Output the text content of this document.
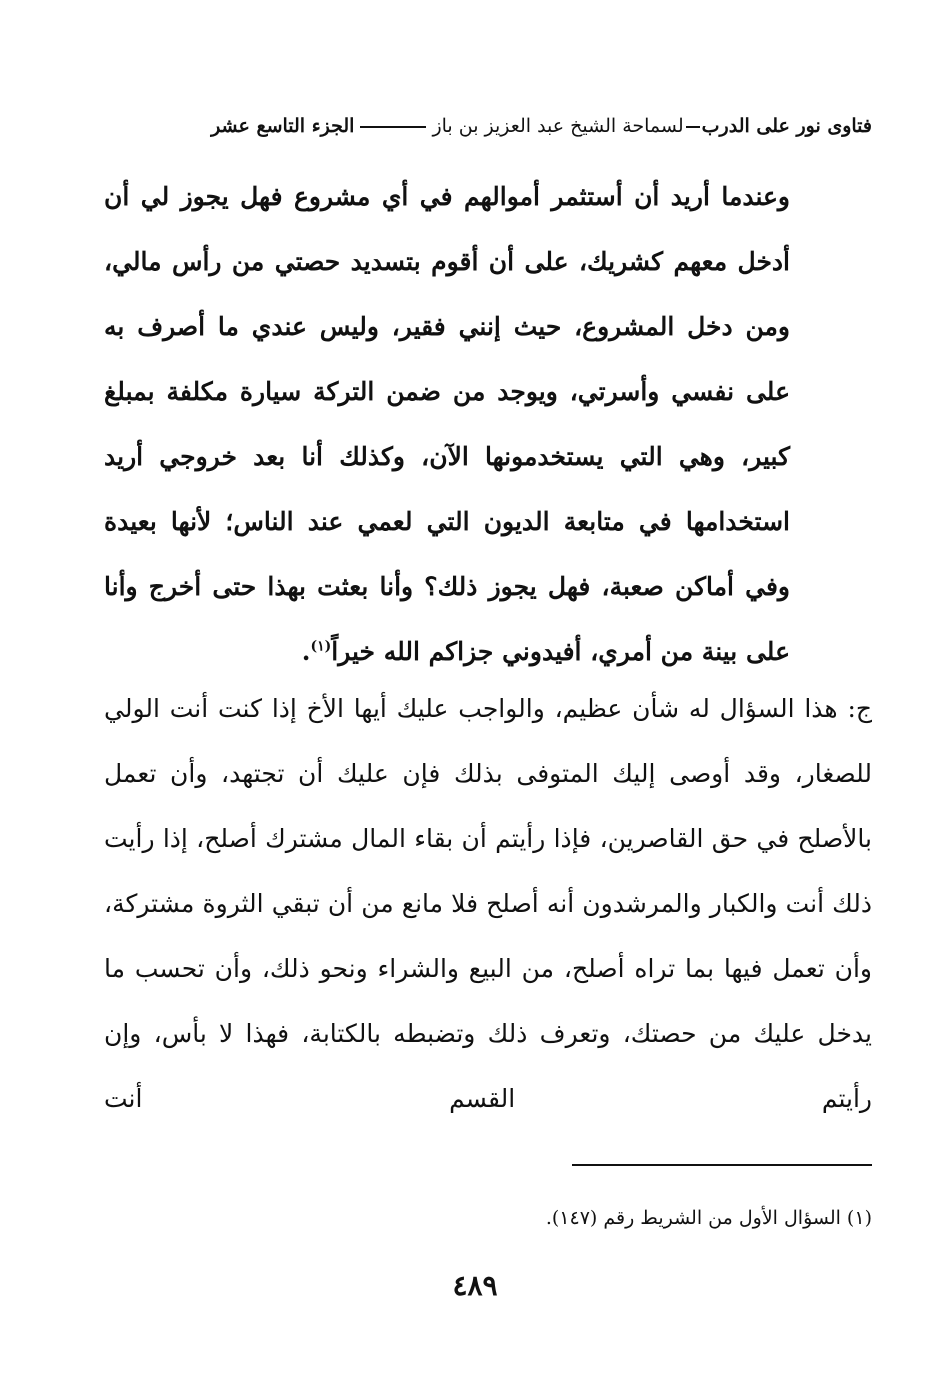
فتاوى نور على الدربلسماحة الشيخ عبد العزيز بن بازالجزء التاسع عشر
وعندما أريد أن أستثمر أموالهم في أي مشروع فهل يجوز لي أن أدخل معهم كشريك، على أن أقوم بتسديد حصتي من رأس مالي، ومن دخل المشروع، حيث إنني فقير، وليس عندي ما أصرف به على نفسي وأسرتي، ويوجد من ضمن التركة سيارة مكلفة بمبلغ كبير، وهي التي يستخدمونها الآن، وكذلك أنا بعد خروجي أريد استخدامها في متابعة الديون التي لعمي عند الناس؛ لأنها بعيدة وفي أماكن صعبة، فهل يجوز ذلك؟ وأنا بعثت بهذا حتى أخرج وأنا على بينة من أمري، أفيدوني جزاكم الله خيراً$^{(١)}$.
ج: هذا السؤال له شأن عظيم، والواجب عليك أيها الأخ إذا كنت أنت الولي للصغار، وقد أوصى إليك المتوفى بذلك فإن عليك أن تجتهد، وأن تعمل بالأصلح في حق القاصرين، فإذا رأيتم أن بقاء المال مشترك أصلح، إذا رأيت ذلك أنت والكبار والمرشدون أنه أصلح فلا مانع من أن تبقي الثروة مشتركة، وأن تعمل فيها بما تراه أصلح، من البيع والشراء ونحو ذلك، وأن تحسب ما يدخل عليك من حصتك، وتعرف ذلك وتضبطه بالكتابة، فهذا لا بأس، وإن رأيتم القسم أنت
(١) السؤال الأول من الشريط رقم (١٤٧).
٤٨٩
